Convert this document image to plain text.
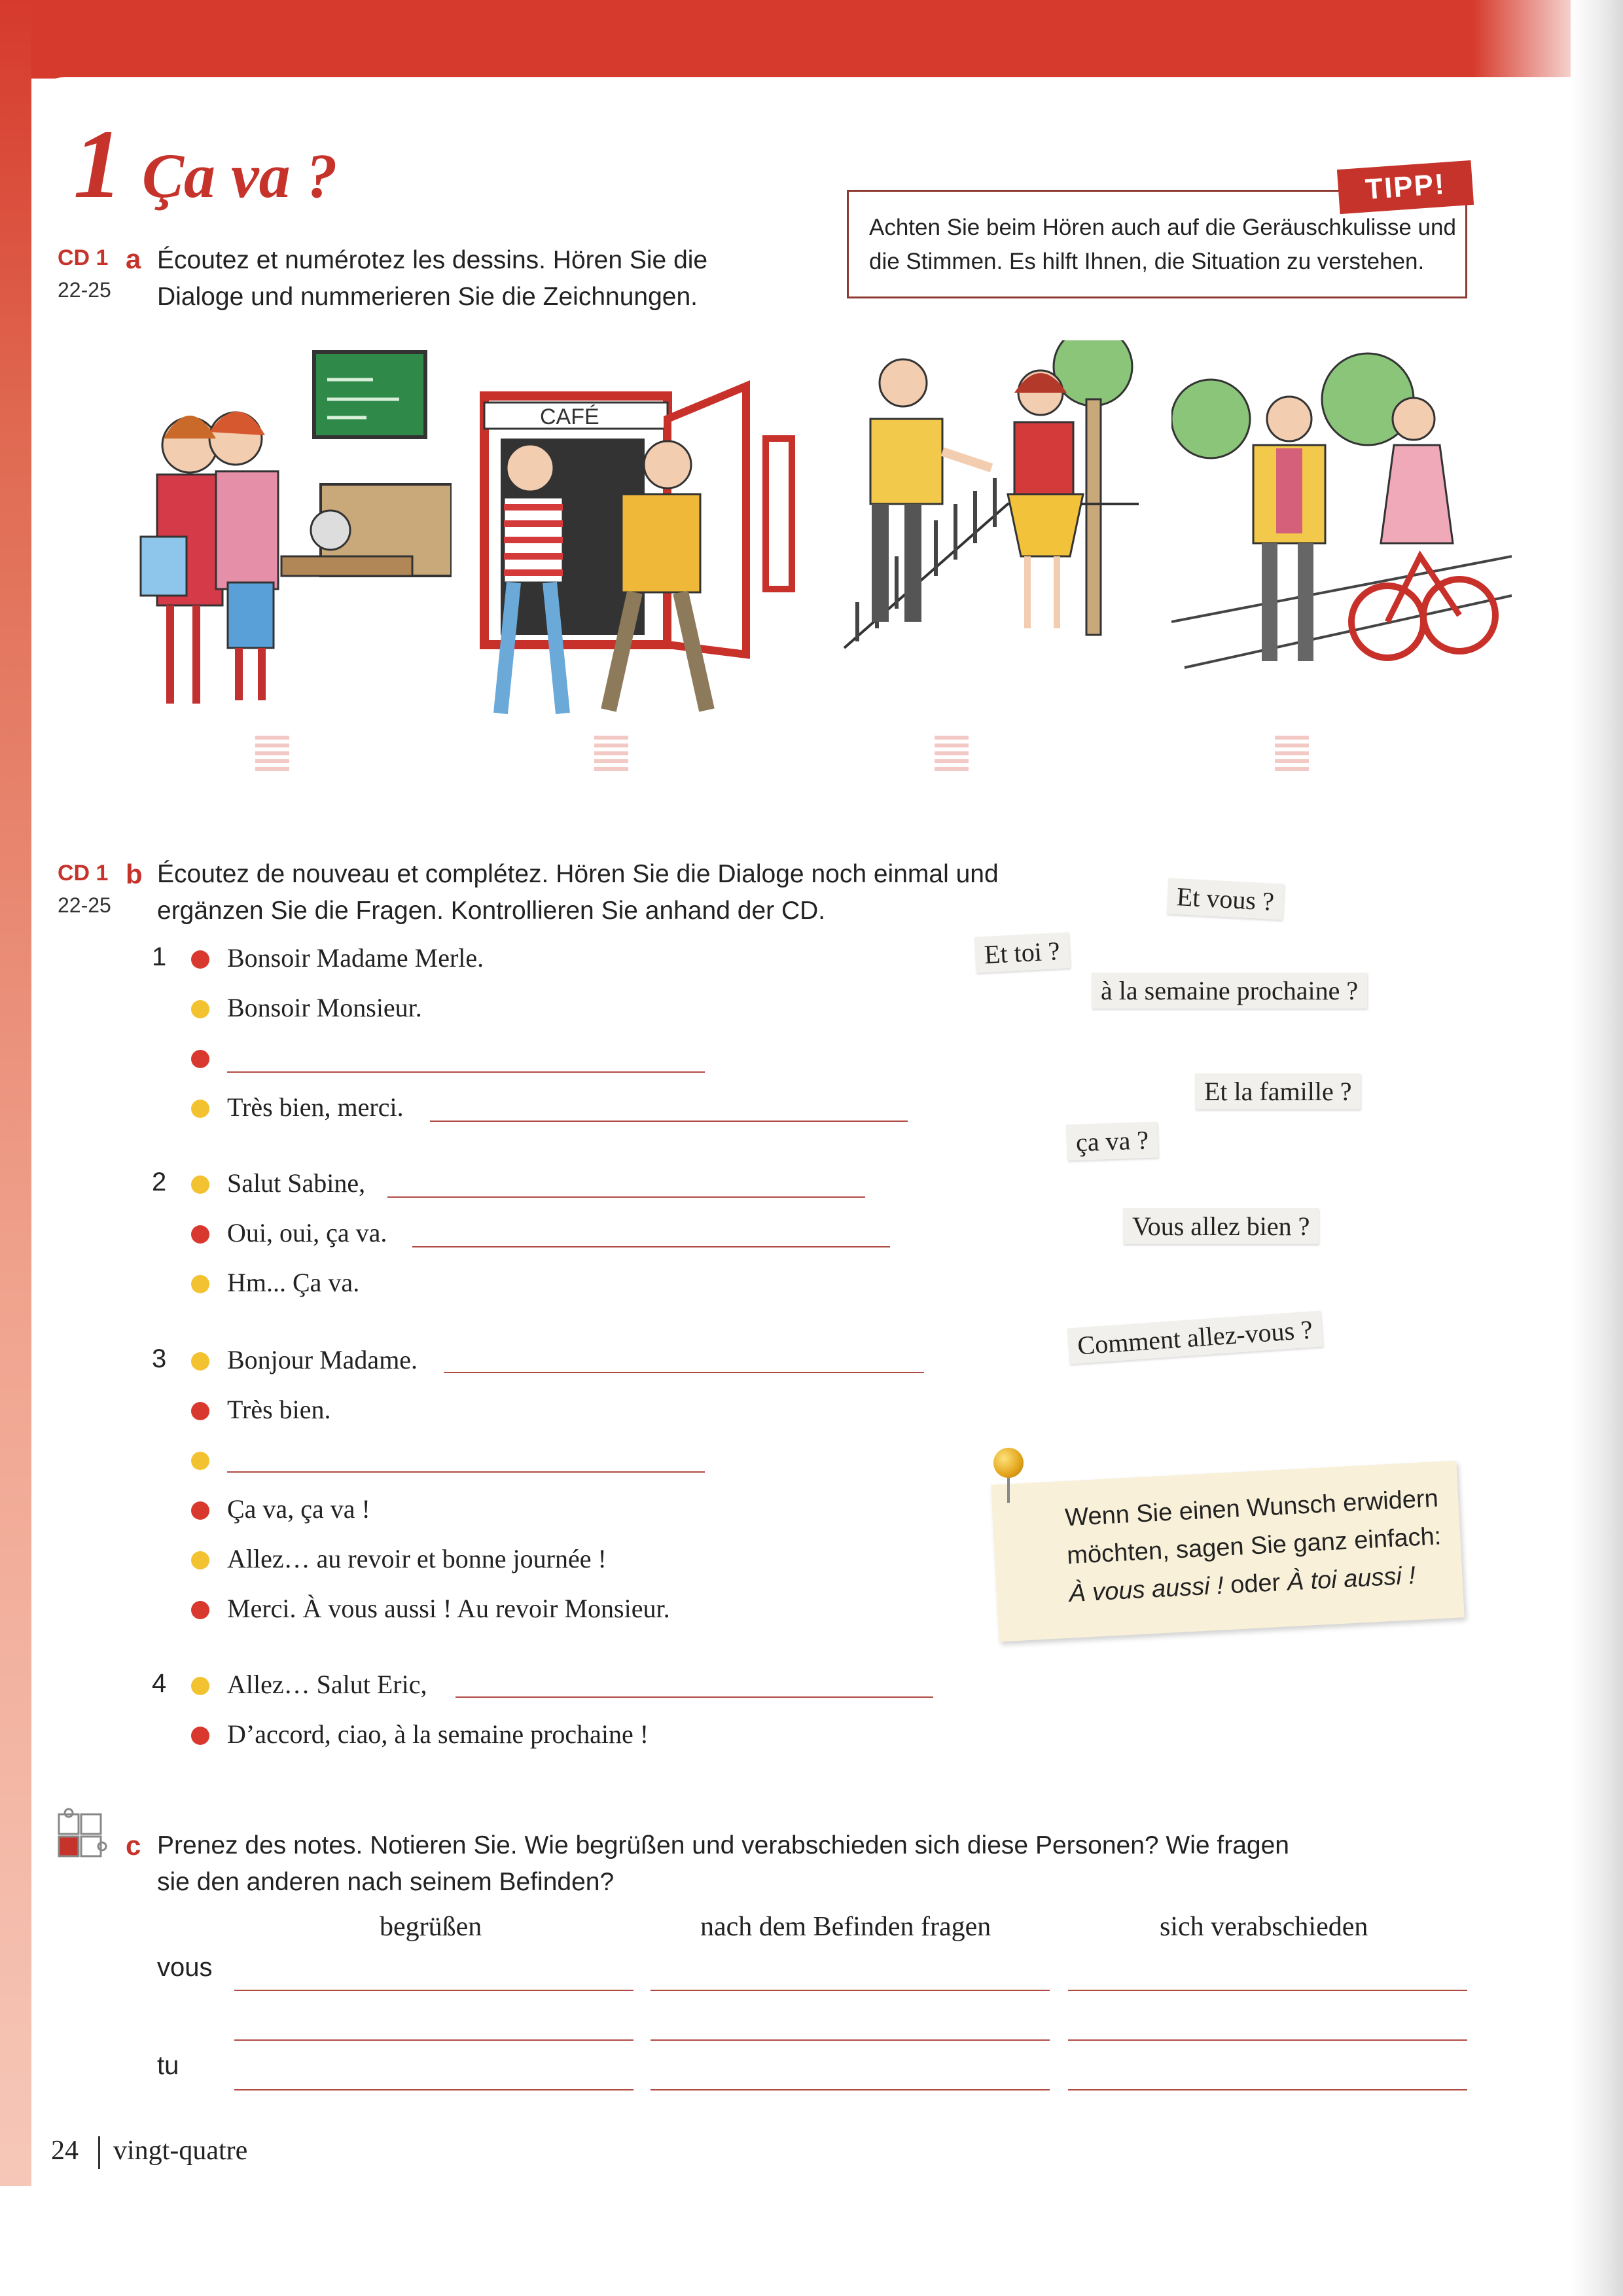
1 Ça va ?
CD 1
22-25
a Écoutez et numérotez les dessins. Hören Sie die Dialoge und nummerieren Sie die Zeichnungen.
TIPP!
Achten Sie beim Hören auch auf die Geräuschkulisse und die Stimmen. Es hilft Ihnen, die Situation zu verstehen.
CAFÉ
CD 1
22-25
b Écoutez de nouveau et complétez. Hören Sie die Dialoge noch einmal und ergänzen Sie die Fragen. Kontrollieren Sie anhand der CD.
1 Bonsoir Madame Merle.
Bonsoir Monsieur.
Très bien, merci.
2 Salut Sabine,
Oui, oui, ça va.
Hm... Ça va.
3 Bonjour Madame.
Très bien.
Ça va, ça va !
Allez… au revoir et bonne journée !
Merci. À vous aussi ! Au revoir Monsieur.
4 Allez… Salut Eric,
D’accord, ciao, à la semaine prochaine !
Et vous ?
Et toi ?
à la semaine prochaine ?
Et la famille ?
ça va ?
Vous allez bien ?
Comment allez-vous ?
Wenn Sie einen Wunsch erwidern möchten, sagen Sie ganz einfach:
À vous aussi ! oder À toi aussi !
c Prenez des notes. Notieren Sie. Wie begrüßen und verabschieden sich diese Personen? Wie fragen sie den anderen nach seinem Befinden?
begrüßen	nach dem Befinden fragen	sich verabschieden
vous
tu
24 vingt-quatre
